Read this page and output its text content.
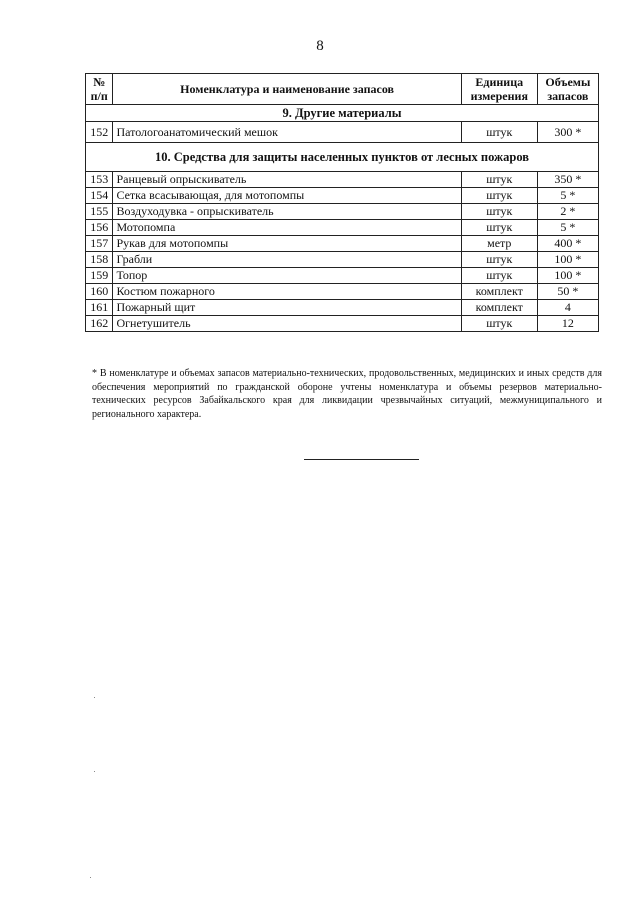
8
№ п/п	Номенклатура и наименование запасов	Единица измерения	Объемы запасов
9. Другие материалы			
152	Патологоанатомический мешок	штук	300 *
10. Средства для защиты населенных пунктов от лесных пожаров			
153	Ранцевый опрыскиватель	штук	350 *
154	Сетка всасывающая, для мотопомпы	штук	5 *
155	Воздуходувка - опрыскиватель	штук	2 *
156	Мотопомпа	штук	5 *
157	Рукав для мотопомпы	метр	400 *
158	Грабли	штук	100 *
159	Топор	штук	100 *
160	Костюм пожарного	комплект	50 *
161	Пожарный щит	комплект	4
162	Огнетушитель	штук	12
* В номенклатуре и объемах запасов материально-технических, продовольственных, медицинских и иных средств для обеспечения мероприятий по гражданской обороне учтены номенклатура и объемы резервов материально-технических ресурсов Забайкальского края для ликвидации чрезвычайных ситуаций, межмуниципального и регионального характера.
